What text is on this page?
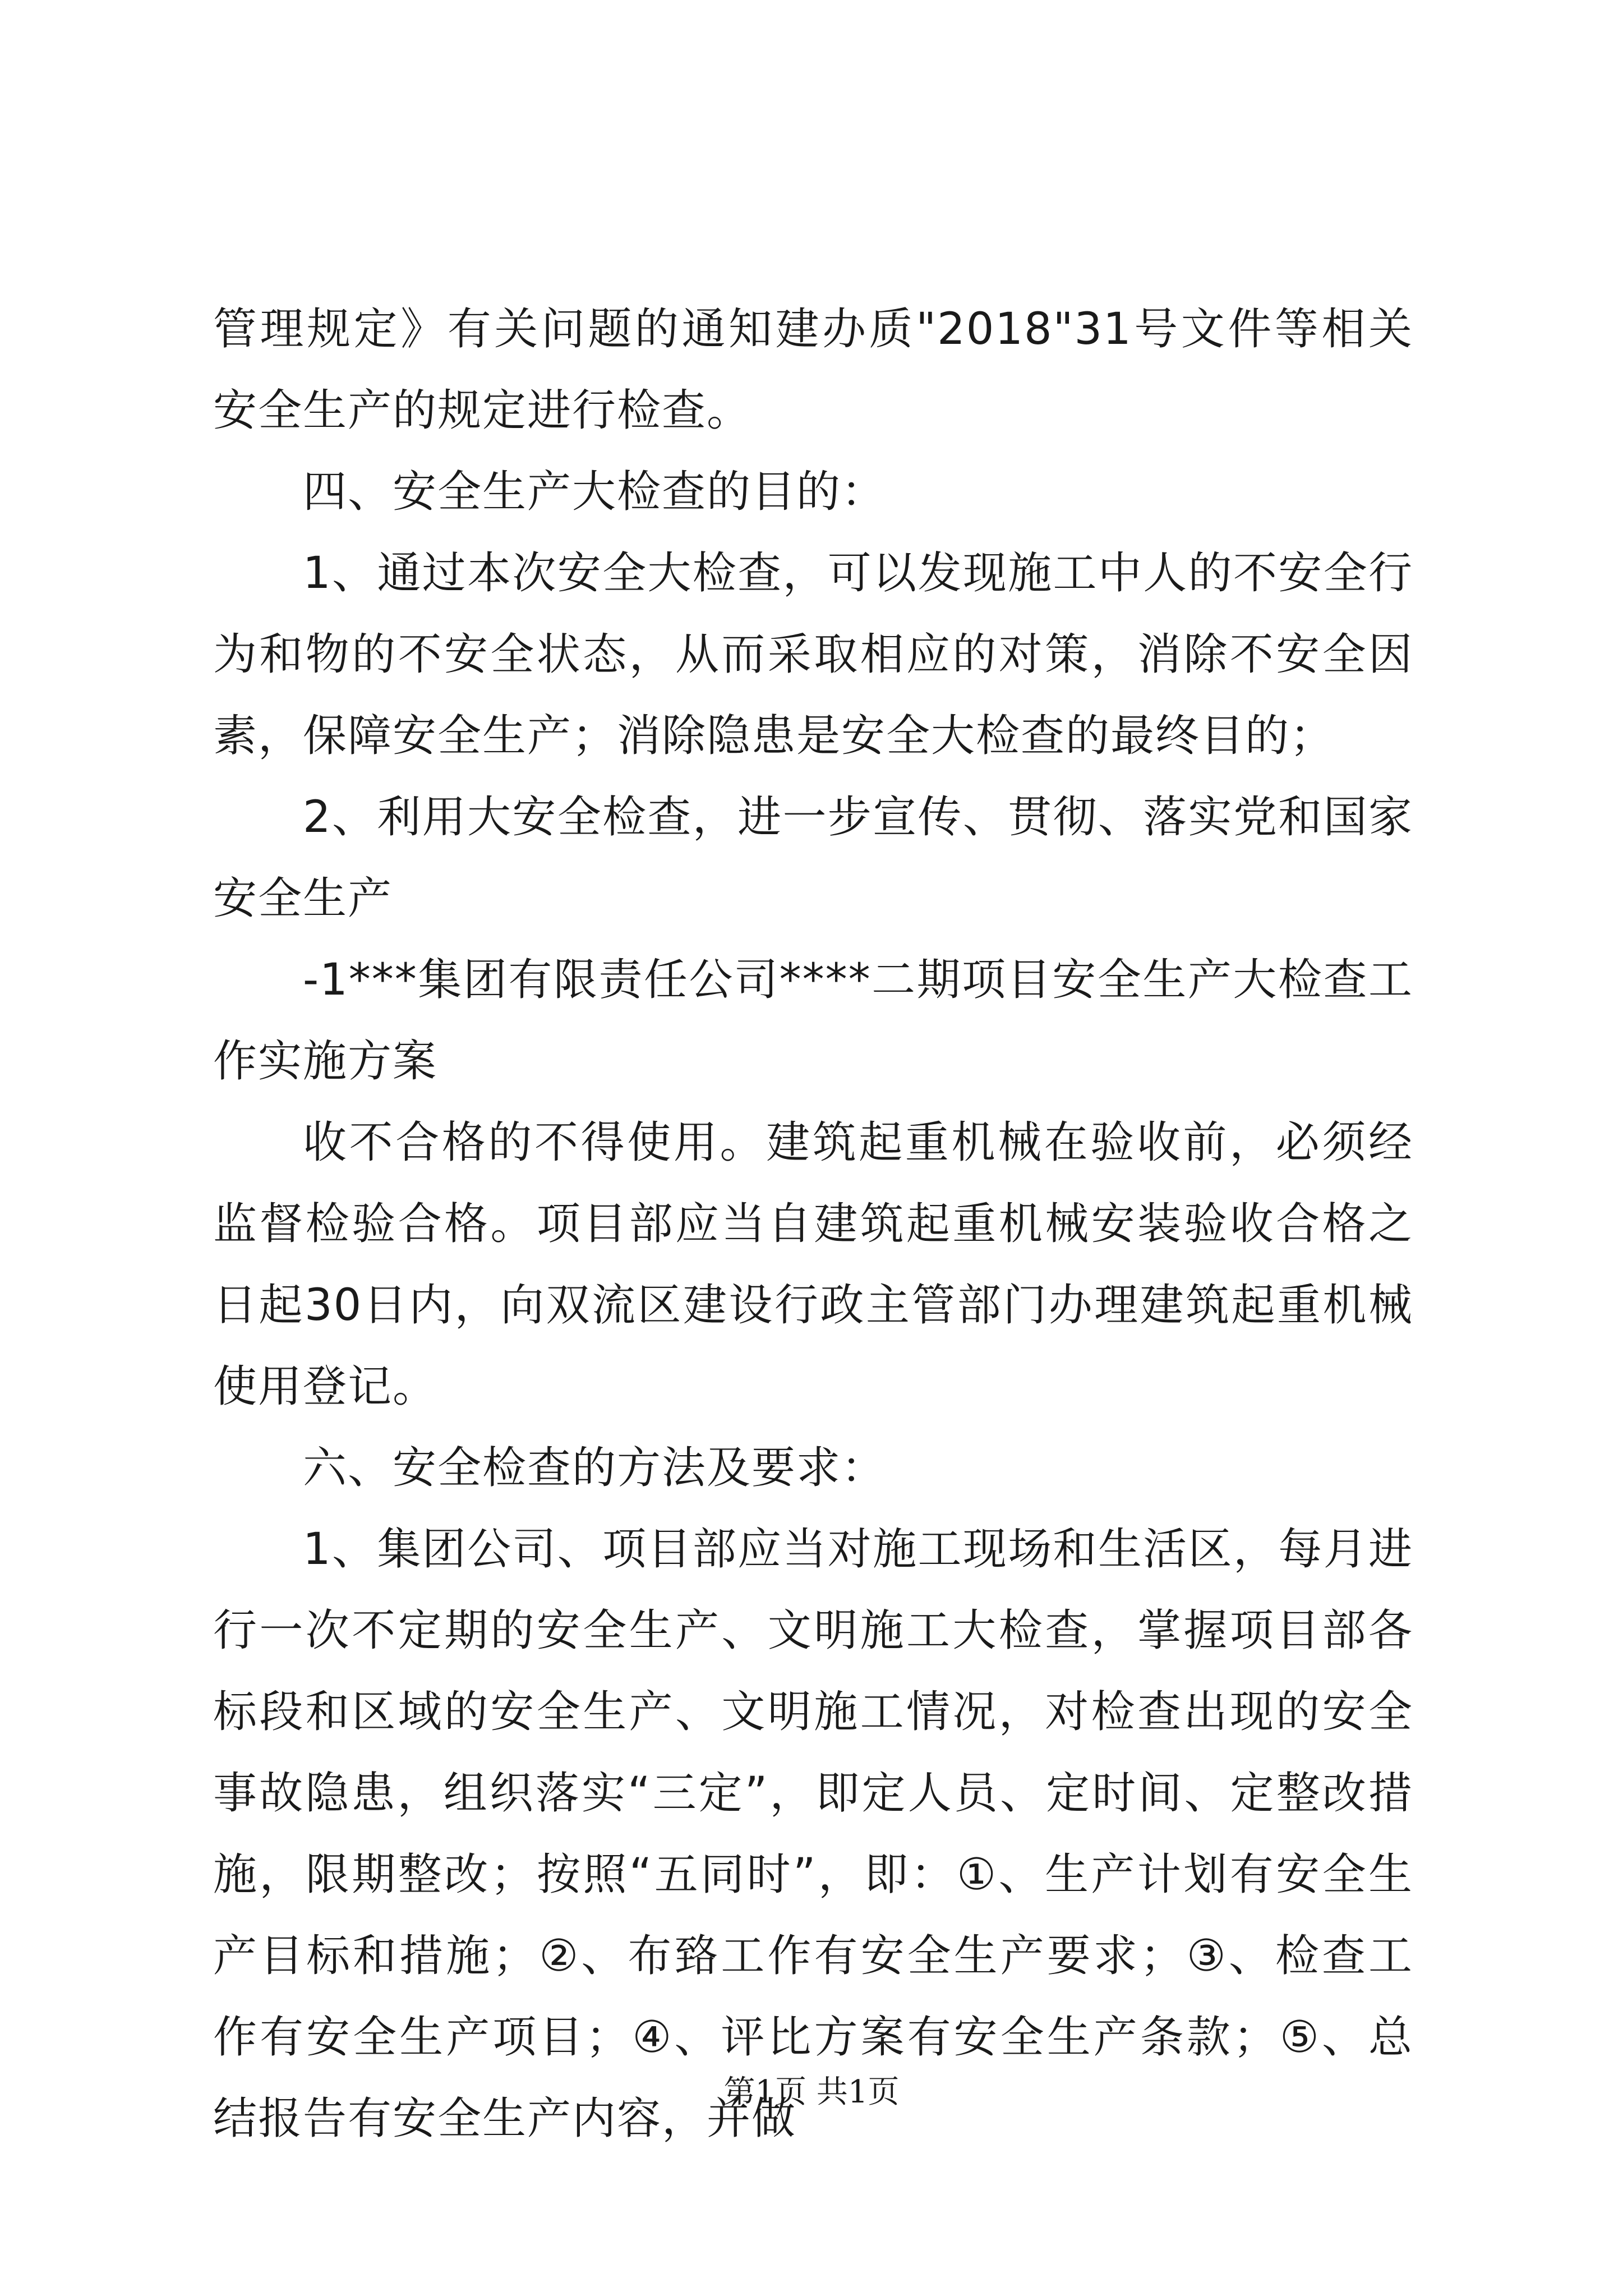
管理规定》有关问题的通知建办质"2018"31号文件等相关安全生产的规定进行检查。

四、安全生产大检查的目的：

1、通过本次安全大检查，可以发现施工中人的不安全行为和物的不安全状态，从而采取相应的对策，消除不安全因素，保障安全生产；消除隐患是安全大检查的最终目的；

2、利用大安全检查，进一步宣传、贯彻、落实党和国家安全生产

-1***集团有限责任公司****二期项目安全生产大检查工作实施方案

收不合格的不得使用。建筑起重机械在验收前，必须经监督检验合格。项目部应当自建筑起重机械安装验收合格之日起30日内，向双流区建设行政主管部门办理建筑起重机械使用登记。

六、安全检查的方法及要求：

1、集团公司、项目部应当对施工现场和生活区，每月进行一次不定期的安全生产、文明施工大检查，掌握项目部各标段和区域的安全生产、文明施工情况，对检查出现的安全事故隐患，组织落实“三定”，即定人员、定时间、定整改措施，限期整改；按照“五同时”，即：①、生产计划有安全生产目标和措施；②、布臵工作有安全生产要求；③、检查工作有安全生产项目；④、评比方案有安全生产条款；⑤、总结报告有安全生产内容，并做

第1页 共1页
